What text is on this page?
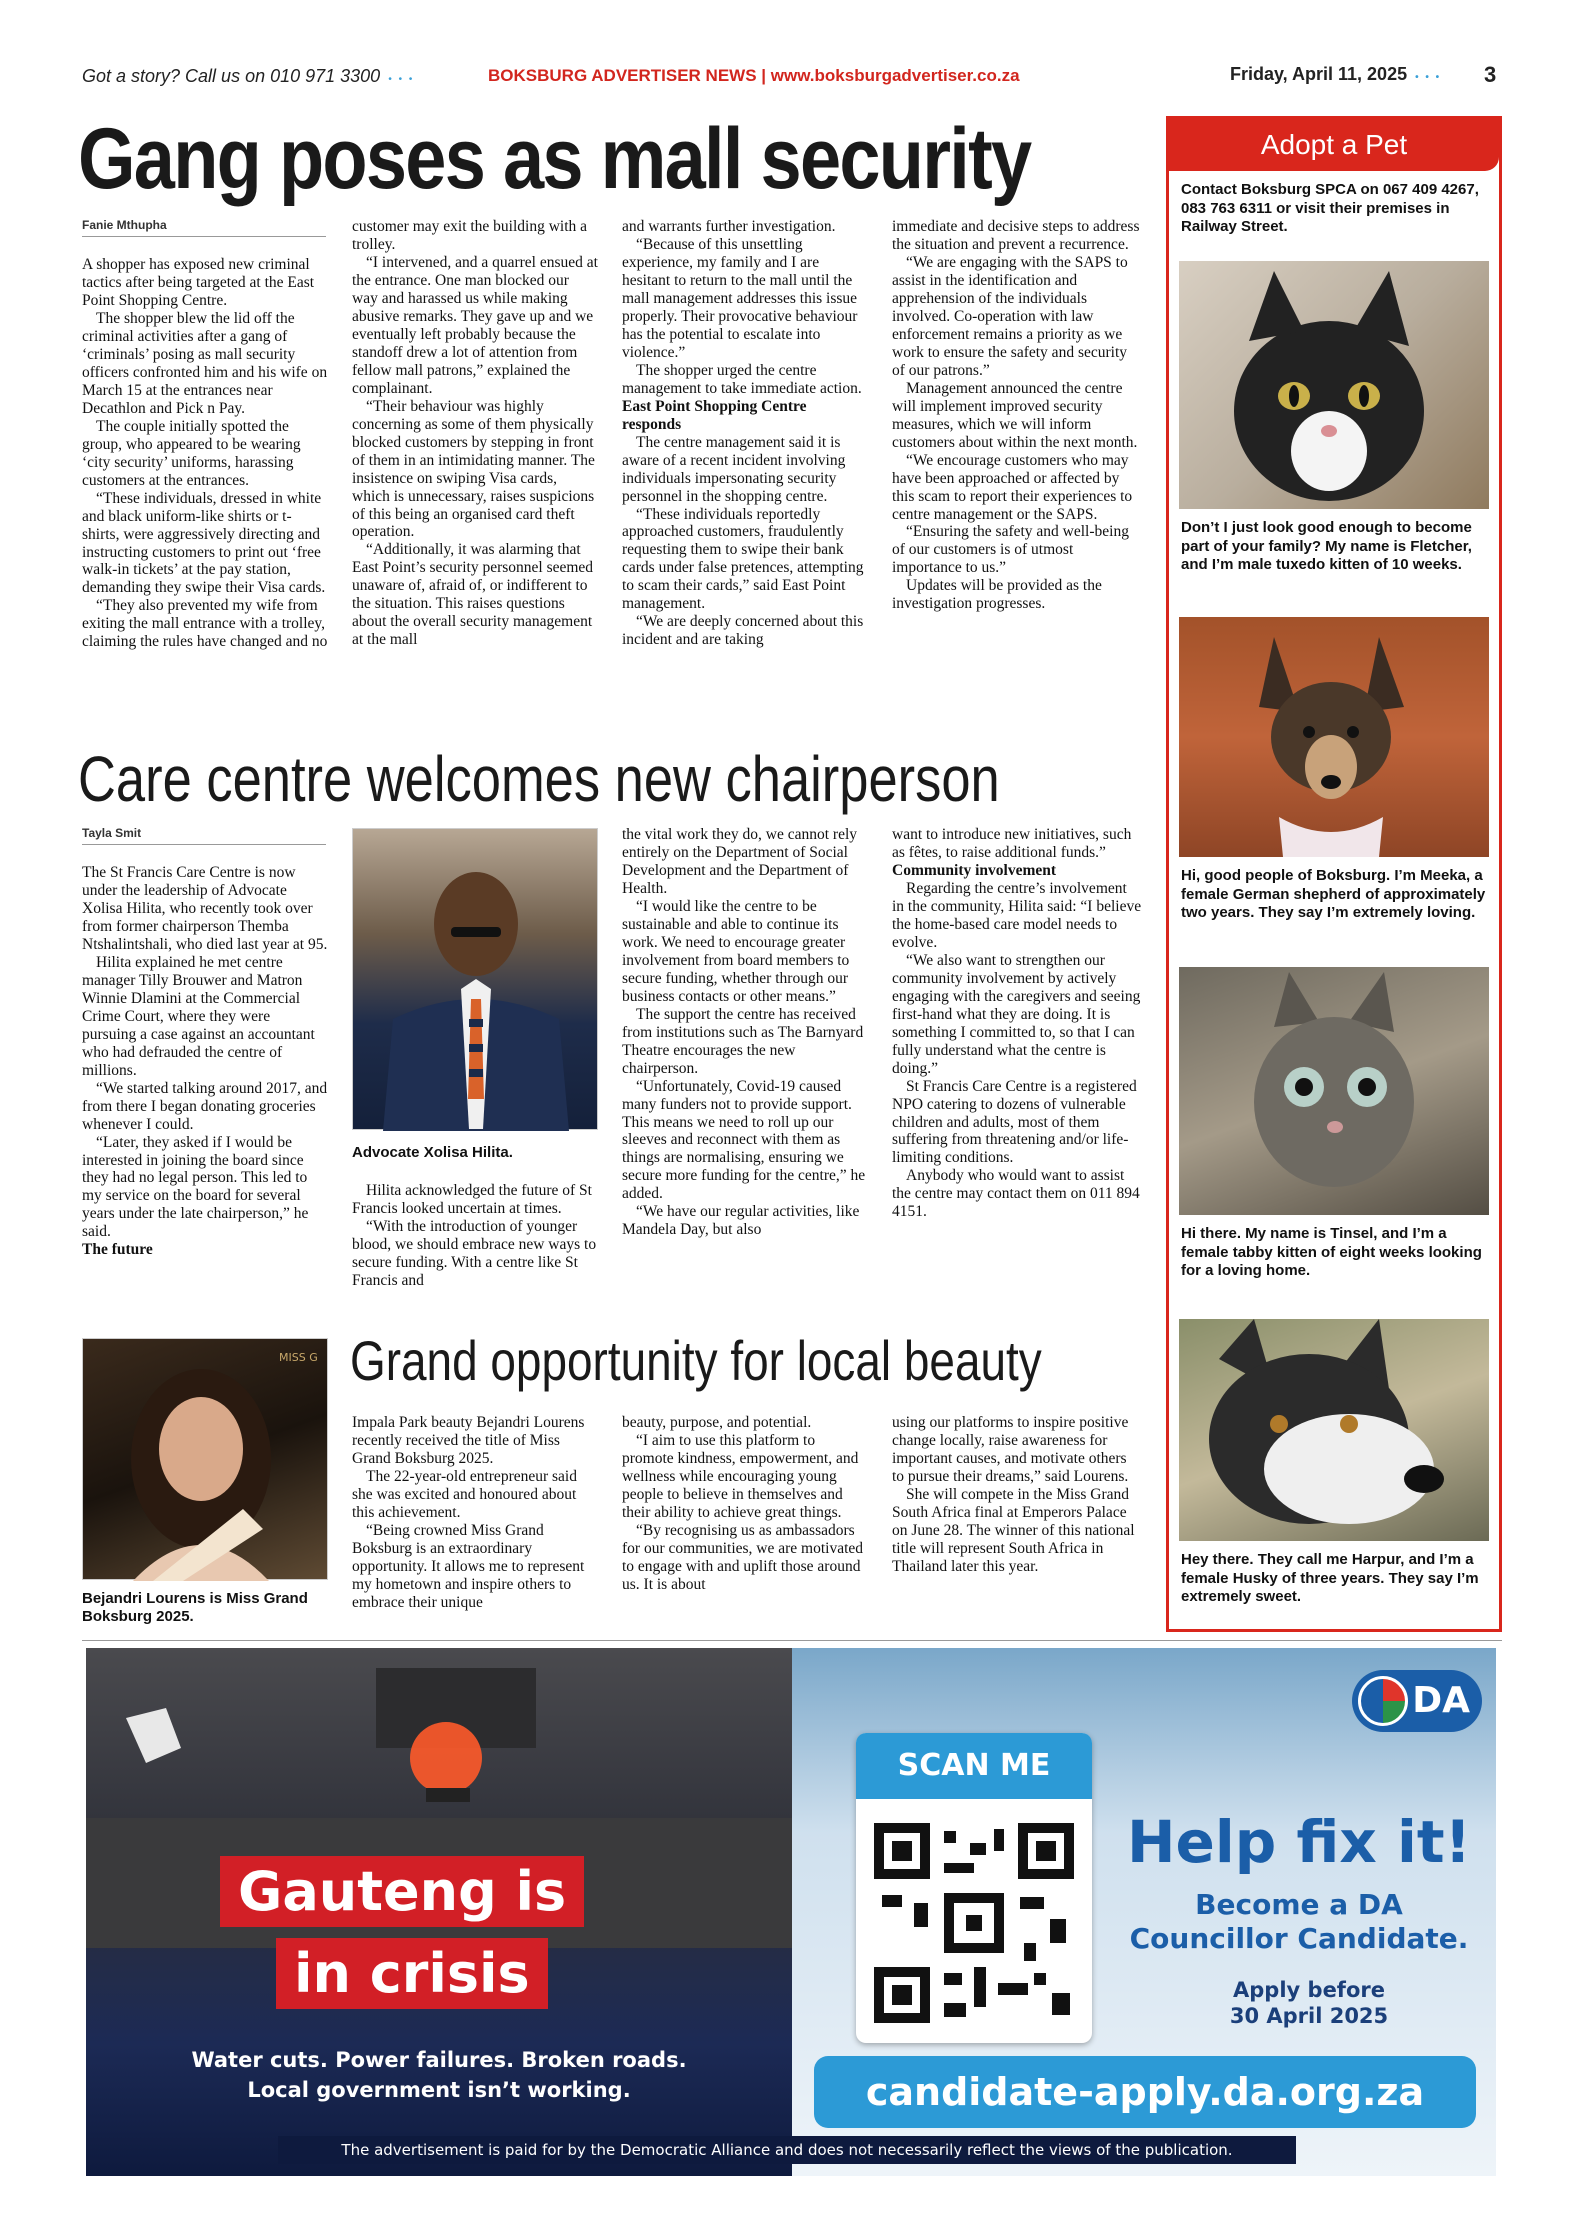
Got a story? Call us on 010 971 3300 • • •	BOKSBURG ADVERTISER NEWS | www.boksburgadvertiser.co.za	Friday, April 11, 2025 • • • 3
Gang poses as mall security
Fanie Mthupha

A shopper has exposed new criminal tactics after being targeted at the East Point Shopping Centre.

The shopper blew the lid off the criminal activities after a gang of ‘criminals’ posing as mall security officers confronted him and his wife on March 15 at the entrances near Decathlon and Pick n Pay.

The couple initially spotted the group, who appeared to be wearing ‘city security’ uniforms, harassing customers at the entrances.

“These individuals, dressed in white and black uniform-like shirts or t-shirts, were aggressively directing and instructing customers to print out ‘free walk-in tickets’ at the pay station, demanding they swipe their Visa cards.

“They also prevented my wife from exiting the mall entrance with a trolley, claiming the rules have changed and no

customer may exit the building with a trolley.

“I intervened, and a quarrel ensued at the entrance. One man blocked our way and harassed us while making abusive remarks. They gave up and we eventually left probably because the standoff drew a lot of attention from fellow mall patrons,” explained the complainant.

“Their behaviour was highly concerning as some of them physically blocked customers by stepping in front of them in an intimidating manner. The insistence on swiping Visa cards, which is unnecessary, raises suspicions of this being an organised card theft operation.

“Additionally, it was alarming that East Point’s security personnel seemed unaware of, afraid of, or indifferent to the situation. This raises questions about the overall security management at the mall

and warrants further investigation.

“Because of this unsettling experience, my family and I are hesitant to return to the mall until the mall management addresses this issue properly. Their provocative behaviour has the potential to escalate into violence.”

The shopper urged the centre management to take immediate action.

East Point Shopping Centre responds

The centre management said it is aware of a recent incident involving individuals impersonating security personnel in the shopping centre.

“These individuals reportedly approached customers, fraudulently requesting them to swipe their bank cards under false pretences, attempting to scam their cards,” said East Point management.

“We are deeply concerned about this incident and are taking

immediate and decisive steps to address the situation and prevent a recurrence.

“We are engaging with the SAPS to assist in the identification and apprehension of the individuals involved. Co-operation with law enforcement remains a priority as we work to ensure the safety and security of our patrons.”

Management announced the centre will implement improved security measures, which we will inform customers about within the next month.

“We encourage customers who may have been approached or affected by this scam to report their experiences to centre management or the SAPS.

“Ensuring the safety and well-being of our customers is of utmost importance to us.”

Updates will be provided as the investigation progresses.

Care centre welcomes new chairperson
Tayla Smit

The St Francis Care Centre is now under the leadership of Advocate Xolisa Hilita, who recently took over from former chairperson Themba Ntshalintshali, who died last year at 95.

Hilita explained he met centre manager Tilly Brouwer and Matron Winnie Dlamini at the Commercial Crime Court, where they were pursuing a case against an accountant who had defrauded the centre of millions.

“We started talking around 2017, and from there I began donating groceries whenever I could.

“Later, they asked if I would be interested in joining the board since they had no legal person. This led to my service on the board for several years under the late chairperson,” he said.

The future

Advocate Xolisa Hilita.

Hilita acknowledged the future of St Francis looked uncertain at times.

“With the introduction of younger blood, we should embrace new ways to secure funding. With a centre like St Francis and

the vital work they do, we cannot rely entirely on the Department of Social Development and the Department of Health.

“I would like the centre to be sustainable and able to continue its work. We need to encourage greater involvement from board members to secure funding, whether through our business contacts or other means.”

The support the centre has received from institutions such as The Barnyard Theatre encourages the new chairperson.

“Unfortunately, Covid-19 caused many funders not to provide support. This means we need to roll up our sleeves and reconnect with them as things are normalising, ensuring we secure more funding for the centre,” he added.

“We have our regular activities, like Mandela Day, but also

want to introduce new initiatives, such as fêtes, to raise additional funds.”

Community involvement

Regarding the centre’s involvement in the community, Hilita said: “I believe the home-based care model needs to evolve.

“We also want to strengthen our community involvement by actively engaging with the caregivers and seeing first-hand what they are doing. It is something I committed to, so that I can fully understand what the centre is doing.”

St Francis Care Centre is a registered NPO catering to dozens of vulnerable children and adults, most of them suffering from threatening and/or life-limiting conditions.

Anybody who would want to assist the centre may contact them on 011 894 4151.

MISS G
Bejandri Lourens is Miss Grand Boksburg 2025.
Grand opportunity for local beauty

Impala Park beauty Bejandri Lourens recently received the title of Miss Grand Boksburg 2025.

The 22-year-old entrepreneur said she was excited and honoured about this achievement.

“Being crowned Miss Grand Boksburg is an extraordinary opportunity. It allows me to represent my hometown and inspire others to embrace their unique

beauty, purpose, and potential.

“I aim to use this platform to promote kindness, empowerment, and wellness while encouraging young people to believe in themselves and their ability to achieve great things.

“By recognising us as ambassadors for our communities, we are motivated to engage with and uplift those around us. It is about

using our platforms to inspire positive change locally, raise awareness for important causes, and motivate others to pursue their dreams,” said Lourens.

She will compete in the Miss Grand South Africa final at Emperors Palace on June 28. The winner of this national title will represent South Africa in Thailand later this year.

Adopt a Pet
Contact Boksburg SPCA on 067 409 4267, 083 763 6311 or visit their premises in Railway Street.
Don’t I just look good enough to become part of your family? My name is Fletcher, and I’m male tuxedo kitten of 10 weeks.
Hi, good people of Boksburg. I’m Meeka, a female German shepherd of approximately two years. They say I’m extremely loving.
Hi there. My name is Tinsel, and I’m a female tabby kitten of eight weeks looking for a loving home.
Hey there. They call me Harpur, and I’m a female Husky of three years. They say I’m extremely sweet.
Gauteng is
in crisis
Water cuts. Power failures. Broken roads.
Local government isn’t working.
DA
SCAN ME
Help fix it!
Become a DA
Councillor Candidate.
Apply before
30 April 2025
candidate-apply.da.org.za
The advertisement is paid for by the Democratic Alliance and does not necessarily reflect the views of the publication.
